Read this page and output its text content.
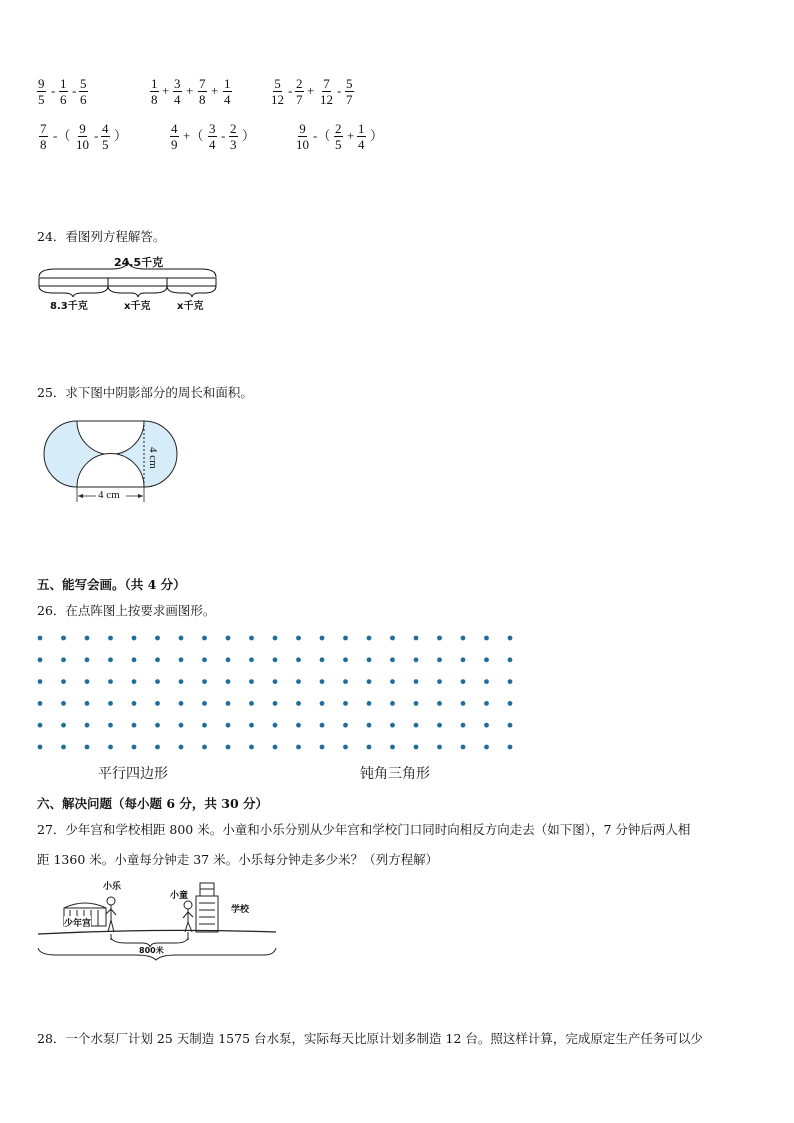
$\frac{9}{5} - \frac{1}{6} - \frac{5}{6}$	$\frac{1}{8} + \frac{3}{4} + \frac{7}{8} + \frac{1}{4}$	$\frac{5}{12} - \frac{2}{7} + \frac{7}{12} - \frac{5}{7}$
$\frac{7}{8}$ -（ $\frac{9}{10} - \frac{4}{5}$ ）	$\frac{4}{9}$ +（ $\frac{3}{4} - \frac{2}{3}$ ）	$\frac{9}{10}$ -（ $\frac{2}{5} + \frac{1}{4}$ ）
24．看图列方程解答。
24.5千克
8.3千克	x千克	x千克
25．求下图中阴影部分的周长和面积。
4 cm
4 cm
五、能写会画。（共 4 分）
26．在点阵图上按要求画图形。
平行四边形	钝角三角形
六、解决问题（每小题 6 分，共 30 分）
27．少年宫和学校相距 800 米。小童和小乐分别从少年宫和学校门口同时向相反方向走去（如下图），7 分钟后两人相
距 1360 米。小童每分钟走 37 米。小乐每分钟走多少米？（列方程解）
小乐
小童
少年宫
学校
800米
28．一个水泵厂计划 25 天制造 1575 台水泵，实际每天比原计划多制造 12 台。照这样计算，完成原定生产任务可以少
